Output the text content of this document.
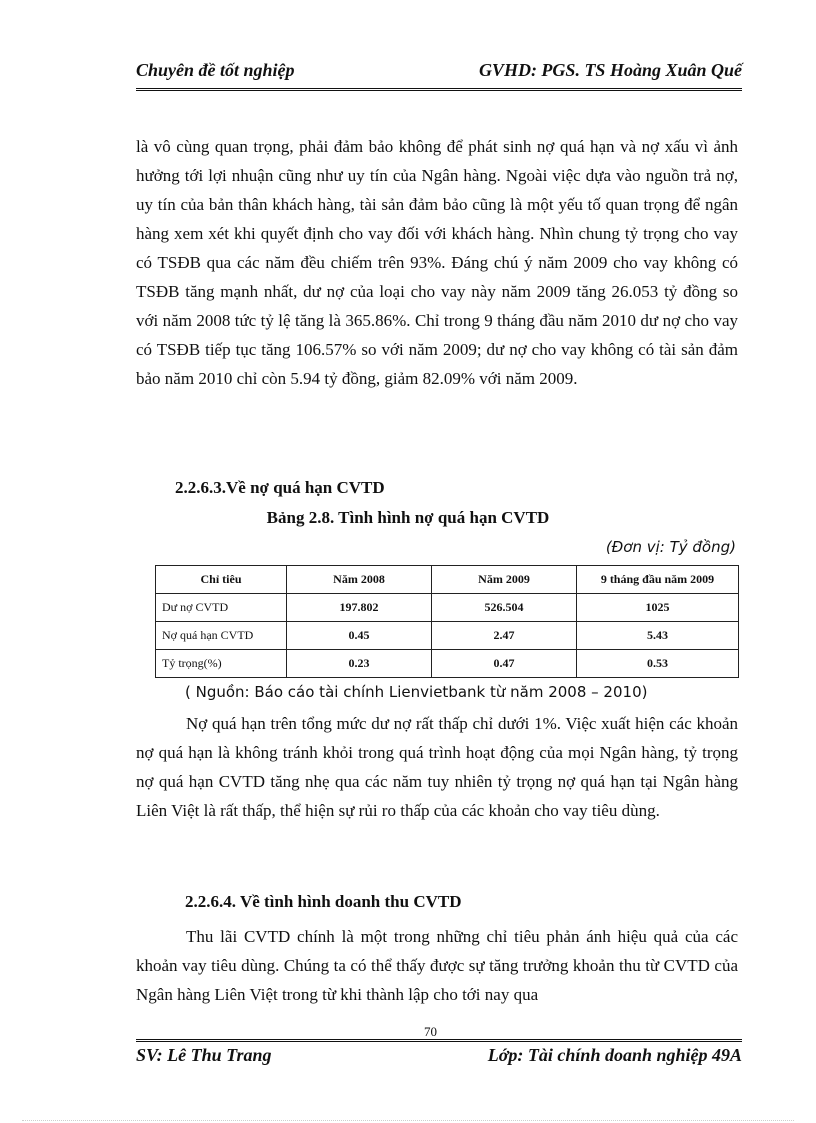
Chuyên đề tốt nghiệp	GVHD: PGS. TS Hoàng Xuân Quế

là vô cùng quan trọng, phải đảm bảo không để phát sinh nợ quá hạn và nợ xấu vì ảnh hưởng tới lợi nhuận cũng như uy tín của Ngân hàng. Ngoài việc dựa vào nguồn trả nợ, uy tín của bản thân khách hàng, tài sản đảm bảo cũng là một yếu tố quan trọng để ngân hàng xem xét khi quyết định cho vay đối với khách hàng. Nhìn chung tỷ trọng cho vay có TSĐB qua các năm đều chiếm trên 93%. Đáng chú ý năm 2009 cho vay không có TSĐB tăng mạnh nhất, dư nợ của loại cho vay này năm 2009 tăng 26.053 tỷ đồng so với năm 2008 tức tỷ lệ tăng là 365.86%. Chỉ trong 9 tháng đầu năm 2010 dư nợ cho vay có TSĐB tiếp tục tăng 106.57% so với năm 2009; dư nợ cho vay không có tài sản đảm bảo năm 2010 chỉ còn 5.94 tỷ đồng, giảm 82.09% với năm 2009.

2.2.6.3.Về nợ quá hạn CVTD

Bảng 2.8. Tình hình nợ quá hạn CVTD

(Đơn vị: Tỷ đồng)

Chỉ tiêu	Năm 2008	Năm 2009	9 tháng đầu năm 2009
Dư nợ CVTD	197.802	526.504	1025
Nợ quá hạn CVTD	0.45	2.47	5.43
Tỷ trọng(%)	0.23	0.47	0.53

( Nguồn: Báo cáo tài chính Lienvietbank từ năm 2008 – 2010)

Nợ quá hạn trên tổng mức dư nợ rất thấp chỉ dưới 1%. Việc xuất hiện các khoản nợ quá hạn là không tránh khỏi trong quá trình hoạt động của mọi Ngân hàng, tỷ trọng nợ quá hạn CVTD tăng nhẹ qua các năm tuy nhiên tỷ trọng nợ quá hạn tại Ngân hàng Liên Việt là rất thấp, thể hiện sự rủi ro thấp của các khoản cho vay tiêu dùng.

2.2.6.4. Về tình hình doanh thu CVTD

Thu lãi CVTD chính là một trong những chỉ tiêu phản ánh hiệu quả của các khoản vay tiêu dùng. Chúng ta có thể thấy được sự tăng trưởng khoản thu từ CVTD của Ngân hàng Liên Việt trong từ khi thành lập cho tới nay qua

70
SV: Lê Thu Trang	Lớp: Tài chính doanh nghiệp 49A
